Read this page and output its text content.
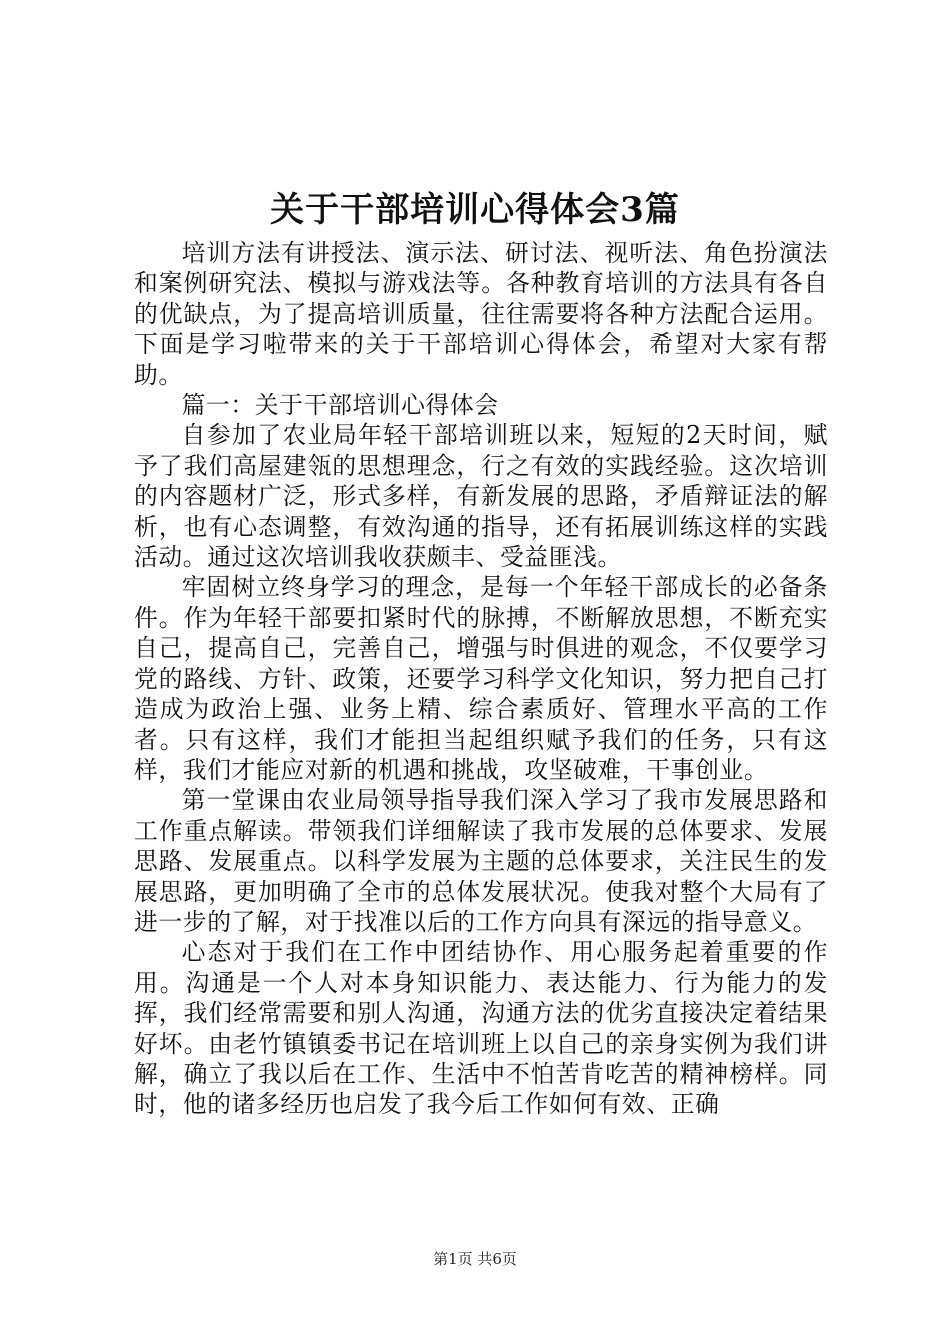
关于干部培训心得体会3篇

培训方法有讲授法、演示法、研讨法、视听法、角色扮演法和案例研究法、模拟与游戏法等。各种教育培训的方法具有各自的优缺点，为了提高培训质量，往往需要将各种方法配合运用。下面是学习啦带来的关于干部培训心得体会，希望对大家有帮助。

篇一：关于干部培训心得体会

自参加了农业局年轻干部培训班以来，短短的2天时间，赋予了我们高屋建瓴的思想理念，行之有效的实践经验。这次培训的内容题材广泛，形式多样，有新发展的思路，矛盾辩证法的解析，也有心态调整，有效沟通的指导，还有拓展训练这样的实践活动。通过这次培训我收获颇丰、受益匪浅。

牢固树立终身学习的理念，是每一个年轻干部成长的必备条件。作为年轻干部要扣紧时代的脉搏，不断解放思想，不断充实自己，提高自己，完善自己，增强与时俱进的观念，不仅要学习党的路线、方针、政策，还要学习科学文化知识，努力把自己打造成为政治上强、业务上精、综合素质好、管理水平高的工作者。只有这样，我们才能担当起组织赋予我们的任务，只有这样，我们才能应对新的机遇和挑战，攻坚破难，干事创业。

第一堂课由农业局领导指导我们深入学习了我市发展思路和工作重点解读。带领我们详细解读了我市发展的总体要求、发展思路、发展重点。以科学发展为主题的总体要求，关注民生的发展思路，更加明确了全市的总体发展状况。使我对整个大局有了进一步的了解，对于找准以后的工作方向具有深远的指导意义。

心态对于我们在工作中团结协作、用心服务起着重要的作用。沟通是一个人对本身知识能力、表达能力、行为能力的发挥，我们经常需要和别人沟通，沟通方法的优劣直接决定着结果好坏。由老竹镇镇委书记在培训班上以自己的亲身实例为我们讲解，确立了我以后在工作、生活中不怕苦肯吃苦的精神榜样。同时，他的诸多经历也启发了我今后工作如何有效、正确

第1页 共6页
